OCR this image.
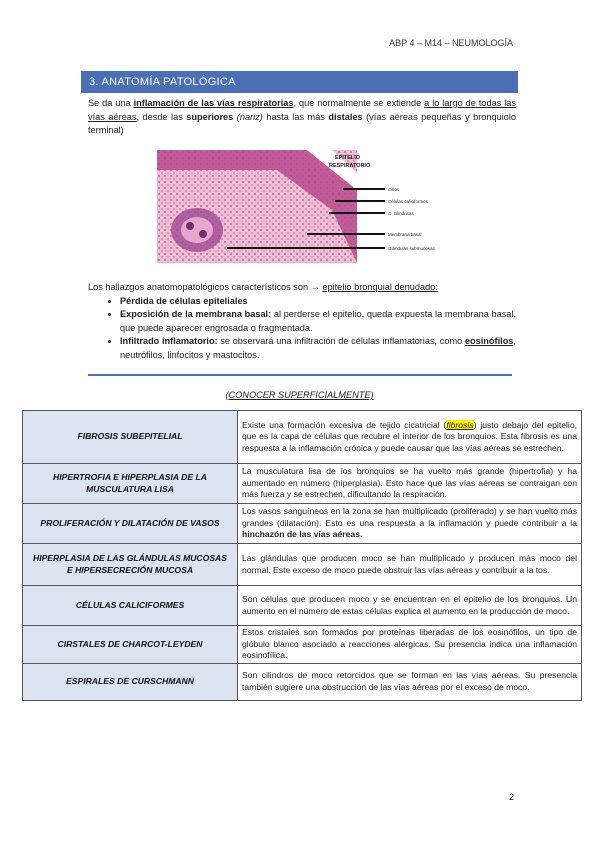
ABP 4 – M14 – NEUMOLOGÍA
3. ANATOMÍA PATOLÓGICA
Se da una inflamación de las vías respiratorias, que normalmente se extiende a lo largo de todas las vías aéreas, desde las superiores (nariz) hasta las más distales (vías aéreas pequeñas y bronquiolo terminal)
EPITELIO
RESPIRATORIO
Cilios
Células caliciformes
C. cilíndricas
Membrana basal
Glándulas submucosas
Los hallazgos anatomopatológicos característicos son → epitelio bronquial denudado:
• Pérdida de células epiteliales
• Exposición de la membrana basal: al perderse el epitelio, queda expuesta la membrana basal, que puede aparecer engrosada o fragmentada.
• Infiltrado inflamatorio: se observará una infiltración de células inflamatorias, como eosinófilos, neutrófilos, linfocitos y mastocitos.
(CONOCER SUPERFICIALMENTE)
FIBROSIS SUBEPITELIAL	Existe una formación excesiva de tejido cicatricial (fibrosis) justo debajo del epitelio, que es la capa de células que recubre el interior de los bronquios. Esta fibrosis es una respuesta a la inflamación crónica y puede causar que las vías aéreas se estrechen.
HIPERTROFIA E HIPERPLASIA DE LA MUSCULATURA LISA	La musculatura lisa de los bronquios se ha vuelto más grande (hipertrofia) y ha aumentado en número (hiperplasia). Esto hace que las vías aéreas se contraigan con más fuerza y se estrechen, dificultando la respiración.
PROLIFERACIÓN Y DILATACIÓN DE VASOS	Los vasos sanguíneos en la zona se han multiplicado (proliferado) y se han vuelto más grandes (dilatación). Esto es una respuesta a la inflamación y puede contribuir a la hinchazón de las vías aéreas.
HIPERPLASIA DE LAS GLÁNDULAS MUCOSAS E HIPERSECRECIÓN MUCOSA	Las glándulas que producen moco se han multiplicado y producen más moco del normal. Este exceso de moco puede obstruir las vías aéreas y contribuir a la tos.
CÉLULAS CALICIFORMES	Son células que producen moco y se encuentran en el epitelio de los bronquios. Un aumento en el número de estas células explica el aumento en la producción de moco.
CIRSTALES DE CHARCOT-LEYDEN	Estos cristales son formados por proteínas liberadas de los eosinófilos, un tipo de glóbulo blanco asociado a reacciones alérgicas. Su presencia indica una inflamación eosinofílica.
ESPIRALES DE CURSCHMANN	Son cilindros de moco retorcidos que se forman en las vías aéreas. Su presencia también sugiere una obstrucción de las vías aéreas por el exceso de moco.
2
